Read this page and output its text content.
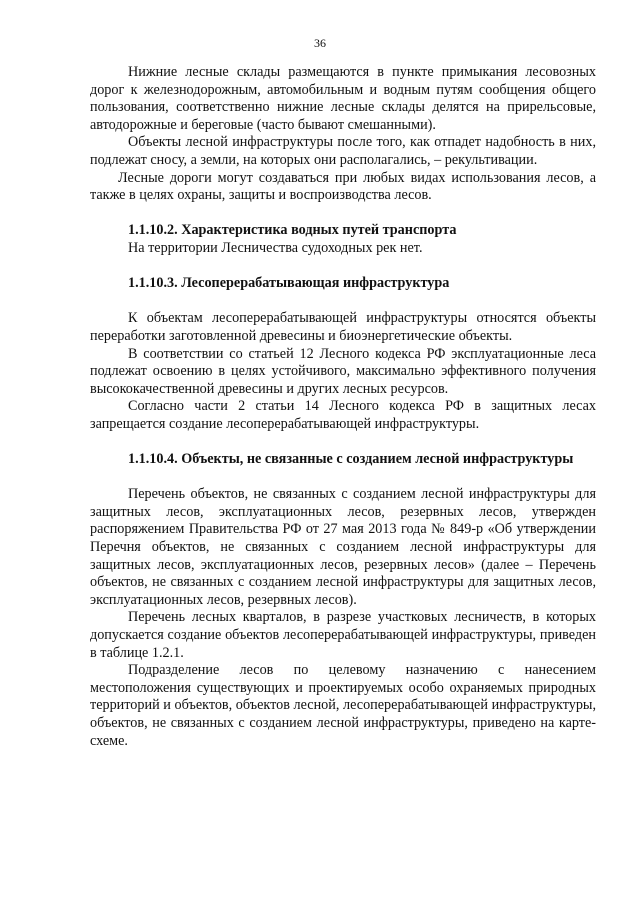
36

Нижние лесные склады размещаются в пункте примыкания лесовозных дорог к железнодорожным, автомобильным и водным путям сообщения общего пользования, соответственно нижние лесные склады делятся на прирельсовые, автодорожные и береговые (часто бывают смешанными).

Объекты лесной инфраструктуры после того, как отпадет надобность в них, подлежат сносу, а земли, на которых они располагались, – рекультивации.

Лесные дороги могут создаваться при любых видах использования лесов, а также в целях охраны, защиты и воспроизводства лесов.

1.1.10.2. Характеристика водных путей транспорта

На территории Лесничества судоходных рек нет.

1.1.10.3. Лесоперерабатывающая инфраструктура

К объектам лесоперерабатывающей инфраструктуры относятся объекты переработки заготовленной древесины и биоэнергетические объекты.

В соответствии со статьей 12 Лесного кодекса РФ эксплуатационные леса подлежат освоению в целях устойчивого, максимально эффективного получения высококачественной древесины и других лесных ресурсов.

Согласно части 2 статьи 14 Лесного кодекса РФ в защитных лесах запрещается создание лесоперерабатывающей инфраструктуры.

1.1.10.4. Объекты, не связанные с созданием лесной инфраструктуры

Перечень объектов, не связанных с созданием лесной инфраструктуры для защитных лесов, эксплуатационных лесов, резервных лесов, утвержден распоряжением Правительства РФ от 27 мая 2013 года № 849-р «Об утверждении Перечня объектов, не связанных с созданием лесной инфраструктуры для защитных лесов, эксплуатационных лесов, резервных лесов» (далее – Перечень объектов, не связанных с созданием лесной инфраструктуры для защитных лесов, эксплуатационных лесов, резервных лесов).

Перечень лесных кварталов, в разрезе участковых лесничеств, в которых допускается создание объектов лесоперерабатывающей инфраструктуры, приведен в таблице 1.2.1.

Подразделение лесов по целевому назначению с нанесением местоположения существующих и проектируемых особо охраняемых природных территорий и объектов, объектов лесной, лесоперерабатывающей инфраструктуры, объектов, не связанных с созданием лесной инфраструктуры, приведено на карте-схеме.
